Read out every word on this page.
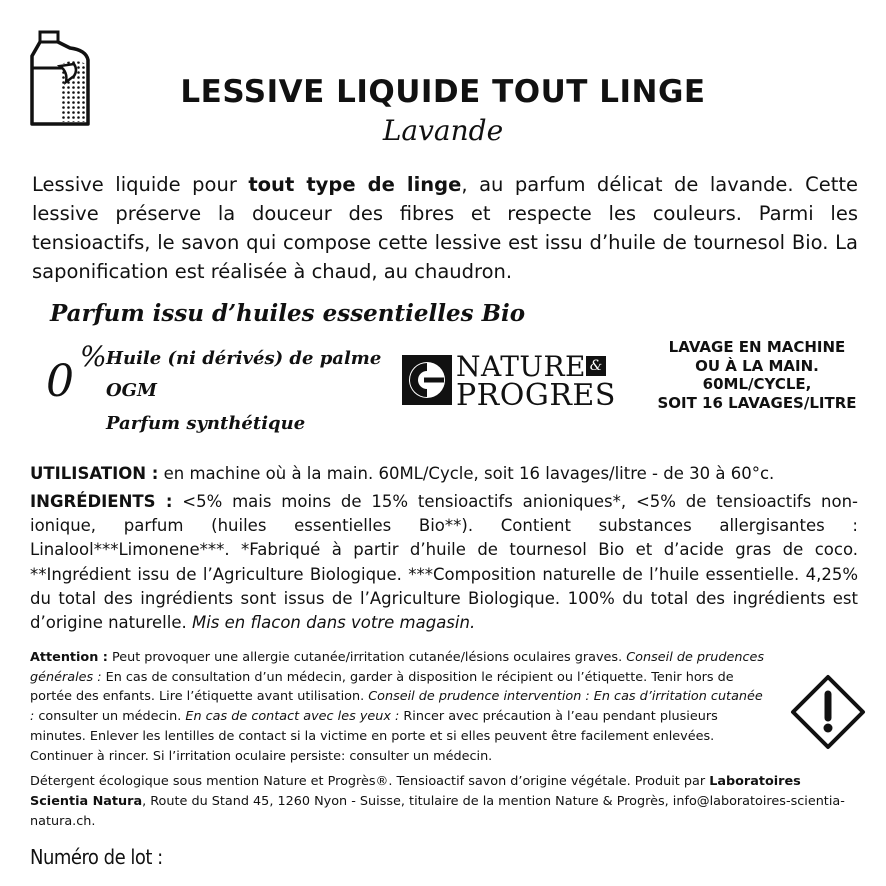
LESSIVE LIQUIDE TOUT LINGE
Lavande
Lessive liquide pour tout type de linge, au parfum délicat de lavande. Cette lessive préserve la douceur des fibres et respecte les couleurs. Parmi les tensioactifs, le savon qui compose cette lessive est issu d’huile de tournesol Bio. La saponification est réalisée à chaud, au chaudron.
Parfum issu d’huiles essentielles Bio
0 % Huile (ni dérivés) de palme
OGM
Parfum synthétique
NATURE &
PROGRES
LAVAGE EN MACHINE
OU À LA MAIN.
60ML/CYCLE,
SOIT 16 LAVAGES/LITRE
UTILISATION : en machine où à la main. 60ML/Cycle, soit 16 lavages/litre - de 30 à 60°c.
INGRÉDIENTS : <5% mais moins de 15% tensioactifs anioniques*, <5% de tensioactifs non-ionique, parfum (huiles essentielles Bio**). Contient substances allergisantes : Linalool***Limonene***. *Fabriqué à partir d’huile de tournesol Bio et d’acide gras de coco. **Ingrédient issu de l’Agriculture Biologique. ***Composition naturelle de l’huile essentielle. 4,25% du total des ingrédients sont issus de l’Agriculture Biologique. 100% du total des ingrédients est d’origine naturelle. Mis en flacon dans votre magasin.
Attention : Peut provoquer une allergie cutanée/irritation cutanée/lésions oculaires graves. Conseil de prudences générales : En cas de consultation d’un médecin, garder à disposition le récipient ou l’étiquette. Tenir hors de portée des enfants. Lire l’étiquette avant utilisation. Conseil de prudence intervention : En cas d’irritation cutanée : consulter un médecin. En cas de contact avec les yeux : Rincer avec précaution à l’eau pendant plusieurs minutes. Enlever les lentilles de contact si la victime en porte et si elles peuvent être facilement enlevées. Continuer à rincer. Si l’irritation oculaire persiste: consulter un médecin.
Détergent écologique sous mention Nature et Progrès®. Tensioactif savon d’origine végétale. Produit par Laboratoires Scientia Natura, Route du Stand 45, 1260 Nyon - Suisse, titulaire de la mention Nature & Progrès, info@laboratoires-scientia-natura.ch.
Numéro de lot :
